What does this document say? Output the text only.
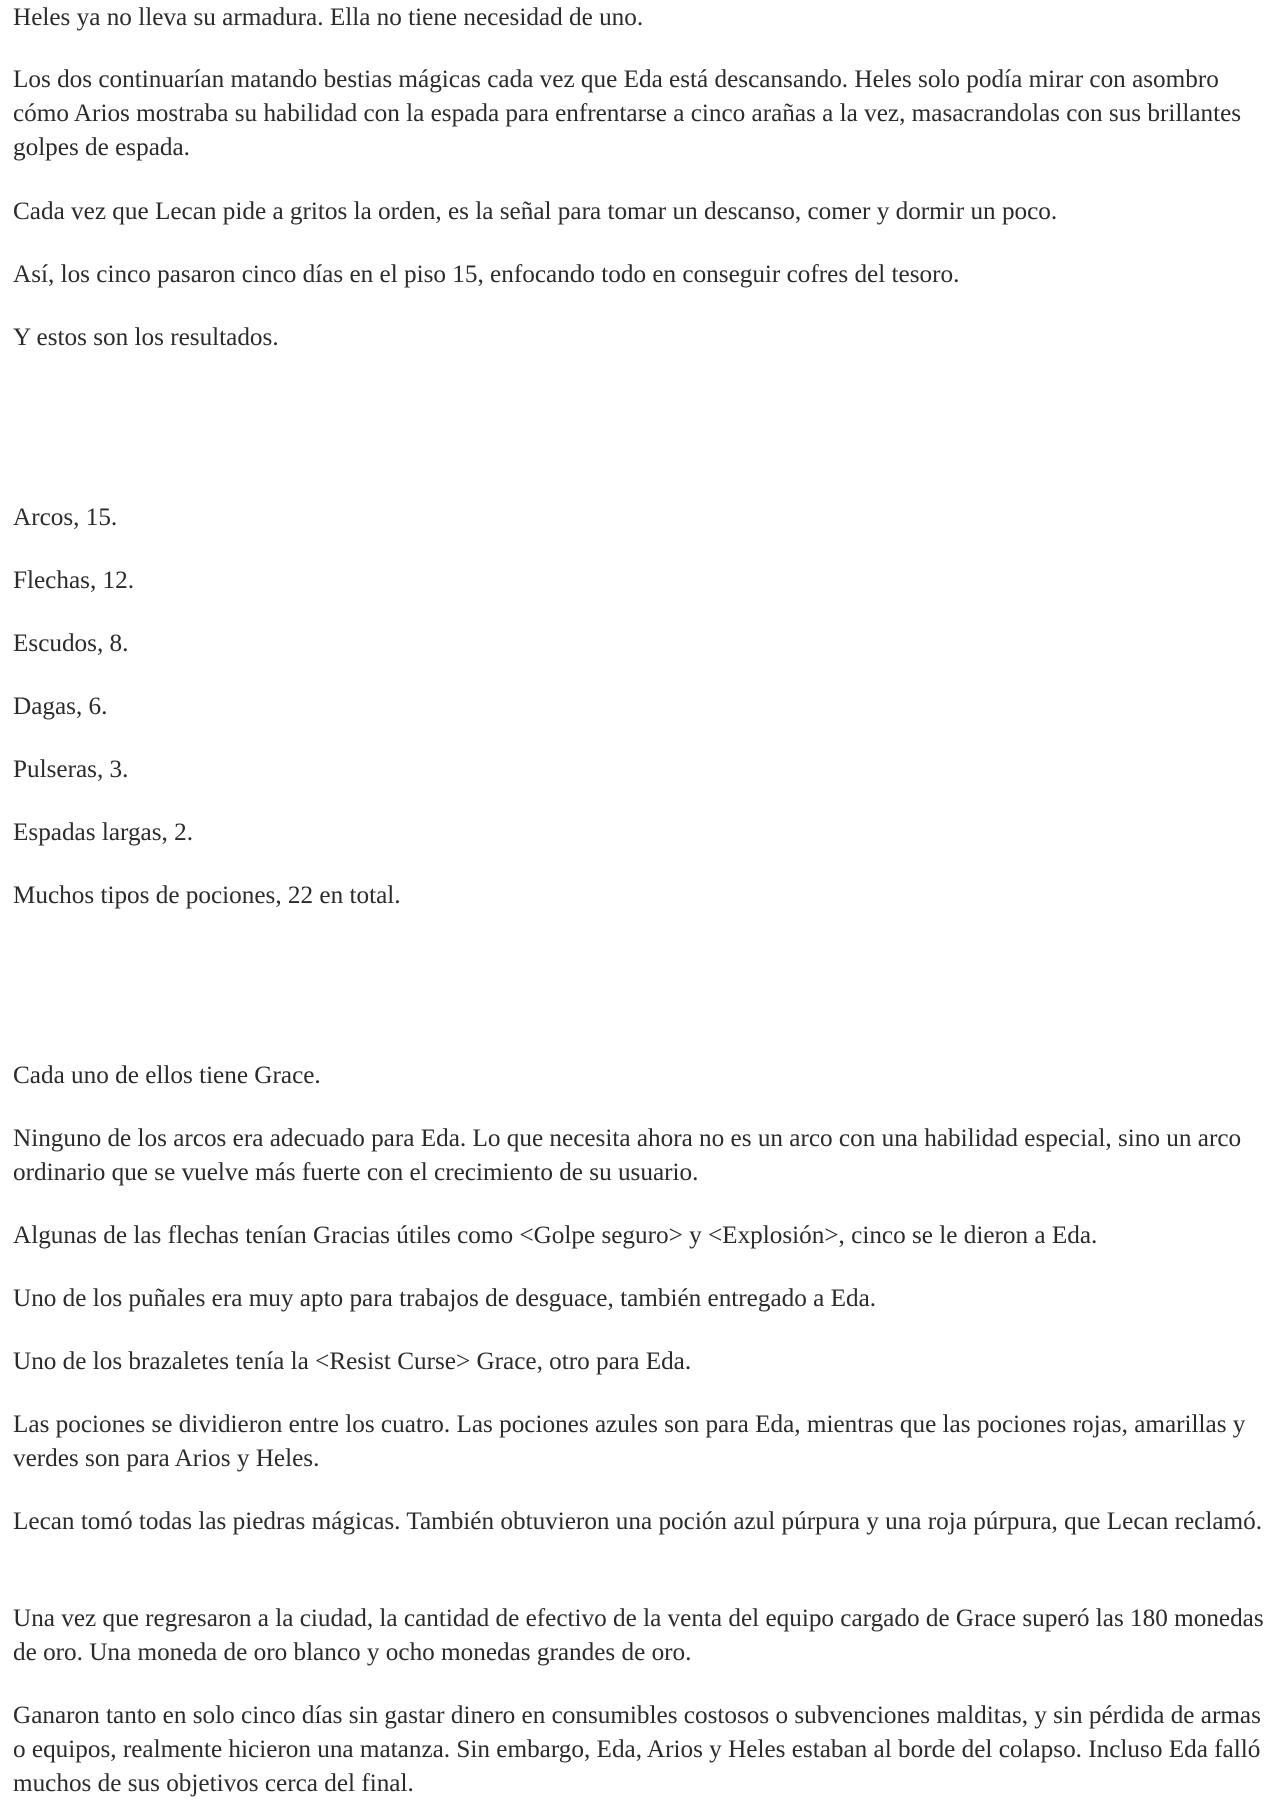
Heles ya no lleva su armadura. Ella no tiene necesidad de uno.

Los dos continuarían matando bestias mágicas cada vez que Eda está descansando. Heles solo podía mirar con asombro cómo Arios mostraba su habilidad con la espada para enfrentarse a cinco arañas a la vez, masacrandolas con sus brillantes golpes de espada.

Cada vez que Lecan pide a gritos la orden, es la señal para tomar un descanso, comer y dormir un poco.

Así, los cinco pasaron cinco días en el piso 15, enfocando todo en conseguir cofres del tesoro.

Y estos son los resultados.

Arcos, 15.

Flechas, 12.

Escudos, 8.

Dagas, 6.

Pulseras, 3.

Espadas largas, 2.

Muchos tipos de pociones, 22 en total.

Cada uno de ellos tiene Grace.

Ninguno de los arcos era adecuado para Eda. Lo que necesita ahora no es un arco con una habilidad especial, sino un arco ordinario que se vuelve más fuerte con el crecimiento de su usuario.

Algunas de las flechas tenían Gracias útiles como <Golpe seguro> y <Explosión>, cinco se le dieron a Eda.

Uno de los puñales era muy apto para trabajos de desguace, también entregado a Eda.

Uno de los brazaletes tenía la <Resist Curse> Grace, otro para Eda.

Las pociones se dividieron entre los cuatro. Las pociones azules son para Eda, mientras que las pociones rojas, amarillas y verdes son para Arios y Heles.

Lecan tomó todas las piedras mágicas. También obtuvieron una poción azul púrpura y una roja púrpura, que Lecan reclamó.

Una vez que regresaron a la ciudad, la cantidad de efectivo de la venta del equipo cargado de Grace superó las 180 monedas de oro. Una moneda de oro blanco y ocho monedas grandes de oro.

Ganaron tanto en solo cinco días sin gastar dinero en consumibles costosos o subvenciones malditas, y sin pérdida de armas o equipos, realmente hicieron una matanza. Sin embargo, Eda, Arios y Heles estaban al borde del colapso. Incluso Eda falló muchos de sus objetivos cerca del final.
